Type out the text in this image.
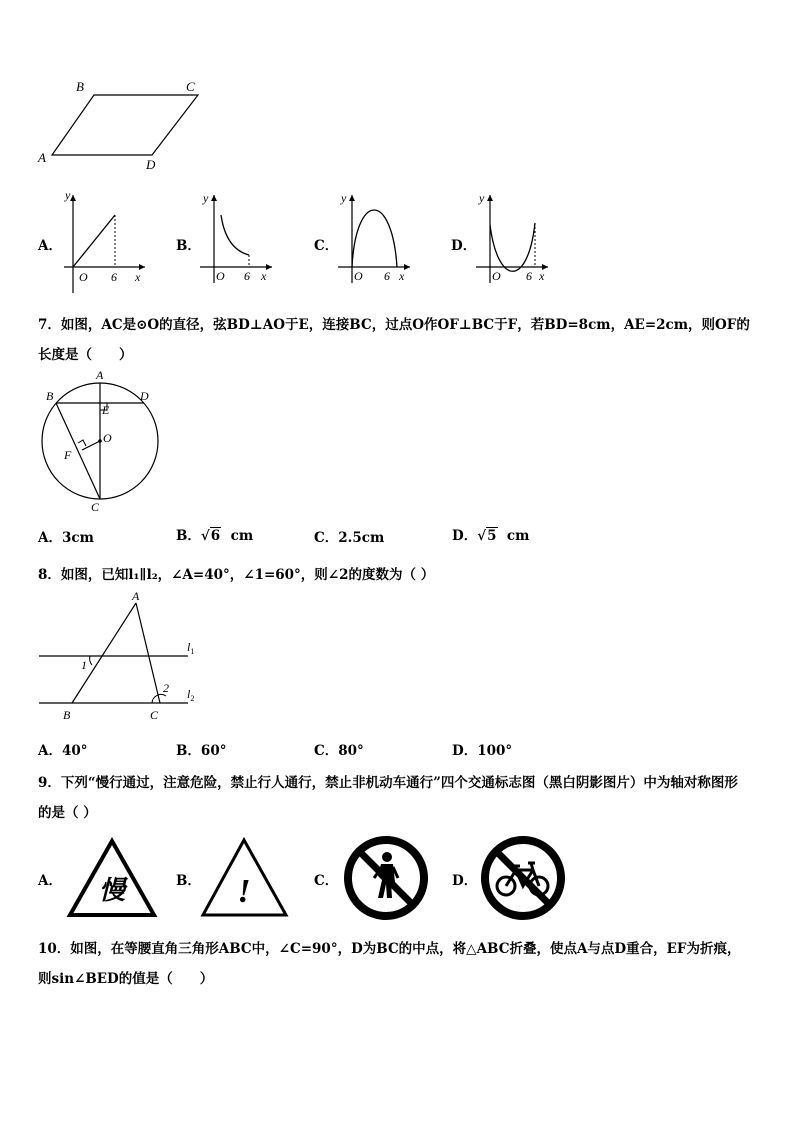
A
B	C
D
A．
y
O 6 x
B．
y
O 6 x
C．
y
O 6 x
D．
y
O 6 x
7．如图，AC是⊙O的直径，弦BD⊥AO于E，连接BC，过点O作OF⊥BC于F，若BD=8cm，AE=2cm，则OF的
长度是（　　）
A
B	D
E
O
F
C
A．3cm	B．√6 cm	C．2.5cm	D．√5 cm
8．如图，已知l₁∥l₂，∠A=40°，∠1=60°，则∠2的度数为（ ）
A
B	C
1
2
$l_1$
$l_2$
A．40°	B．60°	C．80°	D．100°
9．下列“慢行通过，注意危险，禁止行人通行，禁止非机动车通行”四个交通标志图（黑白阴影图片）中为轴对称图形
的是（ ）
A． 慢	B． !	C．	D．
10．如图，在等腰直角三角形ABC中，∠C=90°，D为BC的中点，将△ABC折叠，使点A与点D重合，EF为折痕，
则sin∠BED的值是（　　）
